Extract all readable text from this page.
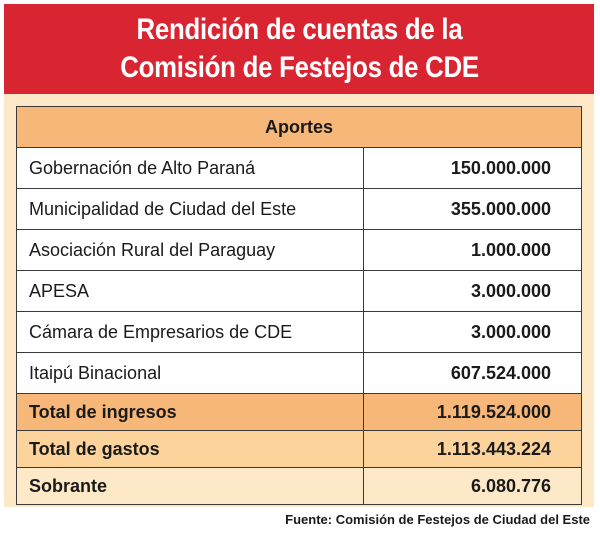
Rendición de cuentas de la
Comisión de Festejos de CDE
Aportes	
Gobernación de Alto Paraná	150.000.000
Municipalidad de Ciudad del Este	355.000.000
Asociación Rural del Paraguay	1.000.000
APESA	3.000.000
Cámara de Empresarios de CDE	3.000.000
Itaipú Binacional	607.524.000
Total de ingresos	1.119.524.000
Total de gastos	1.113.443.224
Sobrante	6.080.776
Fuente: Comisión de Festejos de Ciudad del Este
